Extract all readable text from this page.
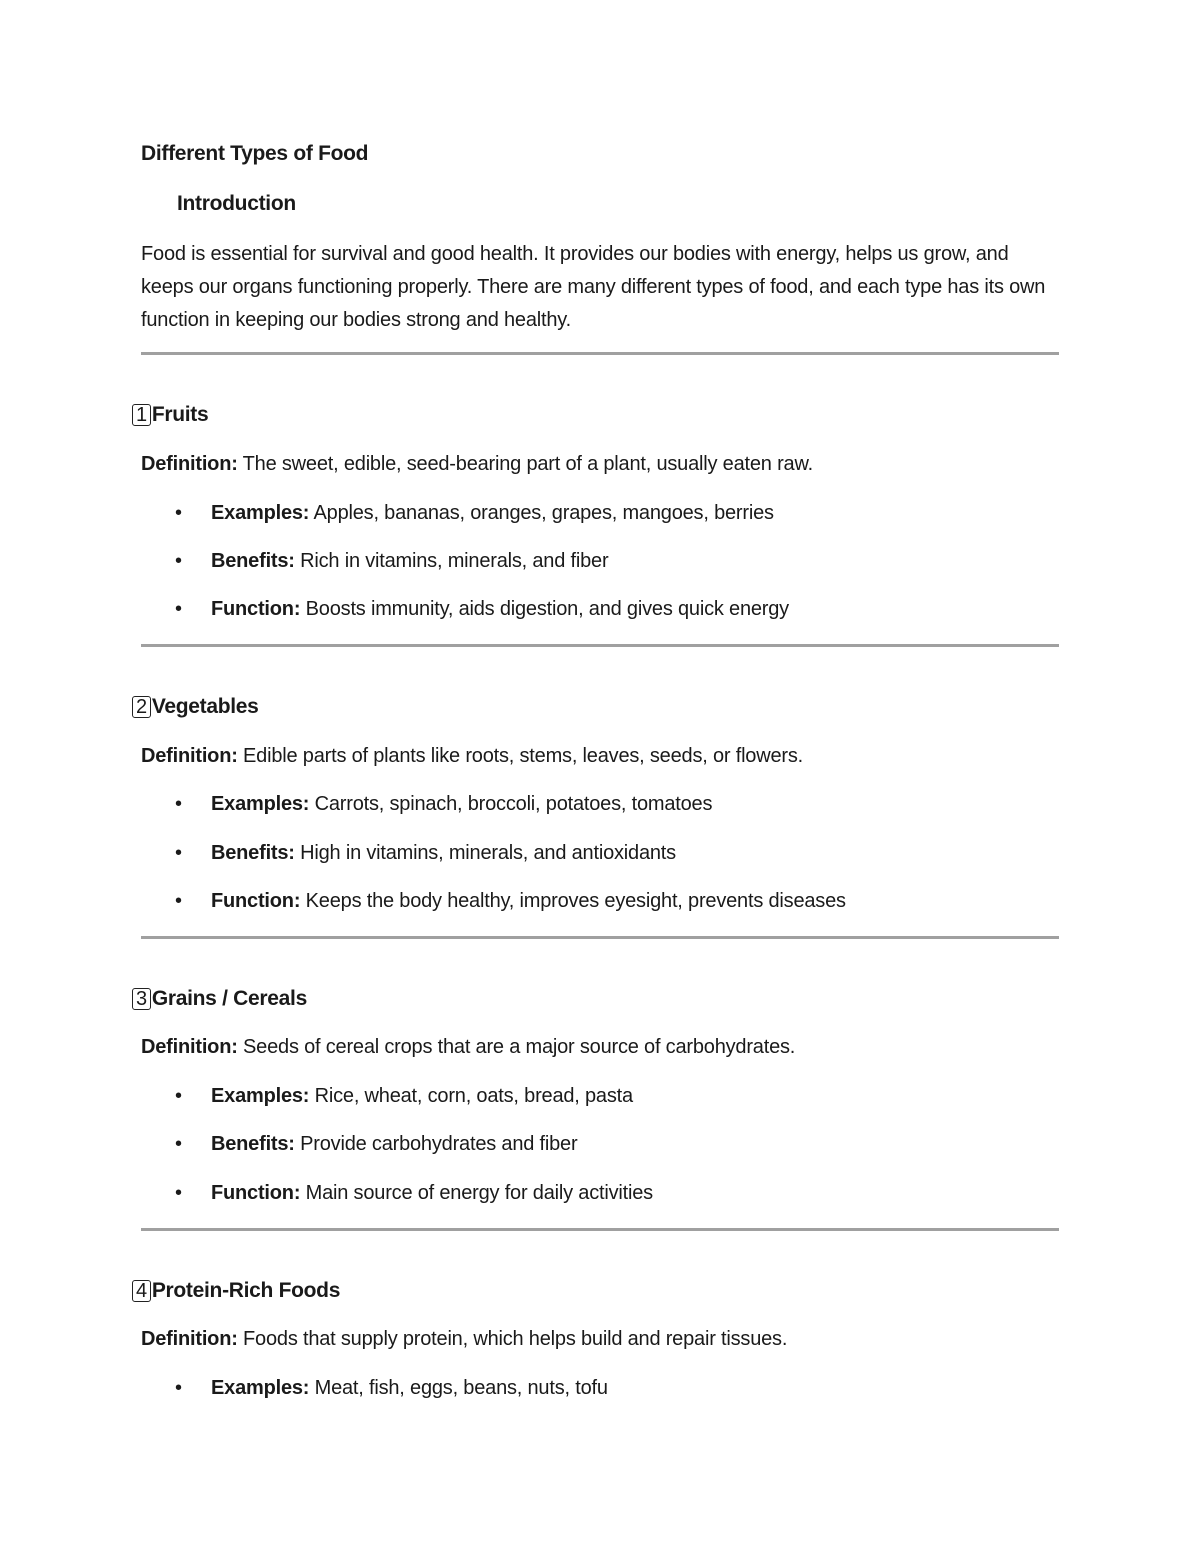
Different Types of Food
Introduction
Food is essential for survival and good health. It provides our bodies with energy, helps us grow, and keeps our organs functioning properly. There are many different types of food, and each type has its own function in keeping our bodies strong and healthy.
1 Fruits
Definition: The sweet, edible, seed-bearing part of a plant, usually eaten raw.
• Examples: Apples, bananas, oranges, grapes, mangoes, berries
• Benefits: Rich in vitamins, minerals, and fiber
• Function: Boosts immunity, aids digestion, and gives quick energy
2 Vegetables
Definition: Edible parts of plants like roots, stems, leaves, seeds, or flowers.
• Examples: Carrots, spinach, broccoli, potatoes, tomatoes
• Benefits: High in vitamins, minerals, and antioxidants
• Function: Keeps the body healthy, improves eyesight, prevents diseases
3 Grains / Cereals
Definition: Seeds of cereal crops that are a major source of carbohydrates.
• Examples: Rice, wheat, corn, oats, bread, pasta
• Benefits: Provide carbohydrates and fiber
• Function: Main source of energy for daily activities
4 Protein-Rich Foods
Definition: Foods that supply protein, which helps build and repair tissues.
• Examples: Meat, fish, eggs, beans, nuts, tofu
